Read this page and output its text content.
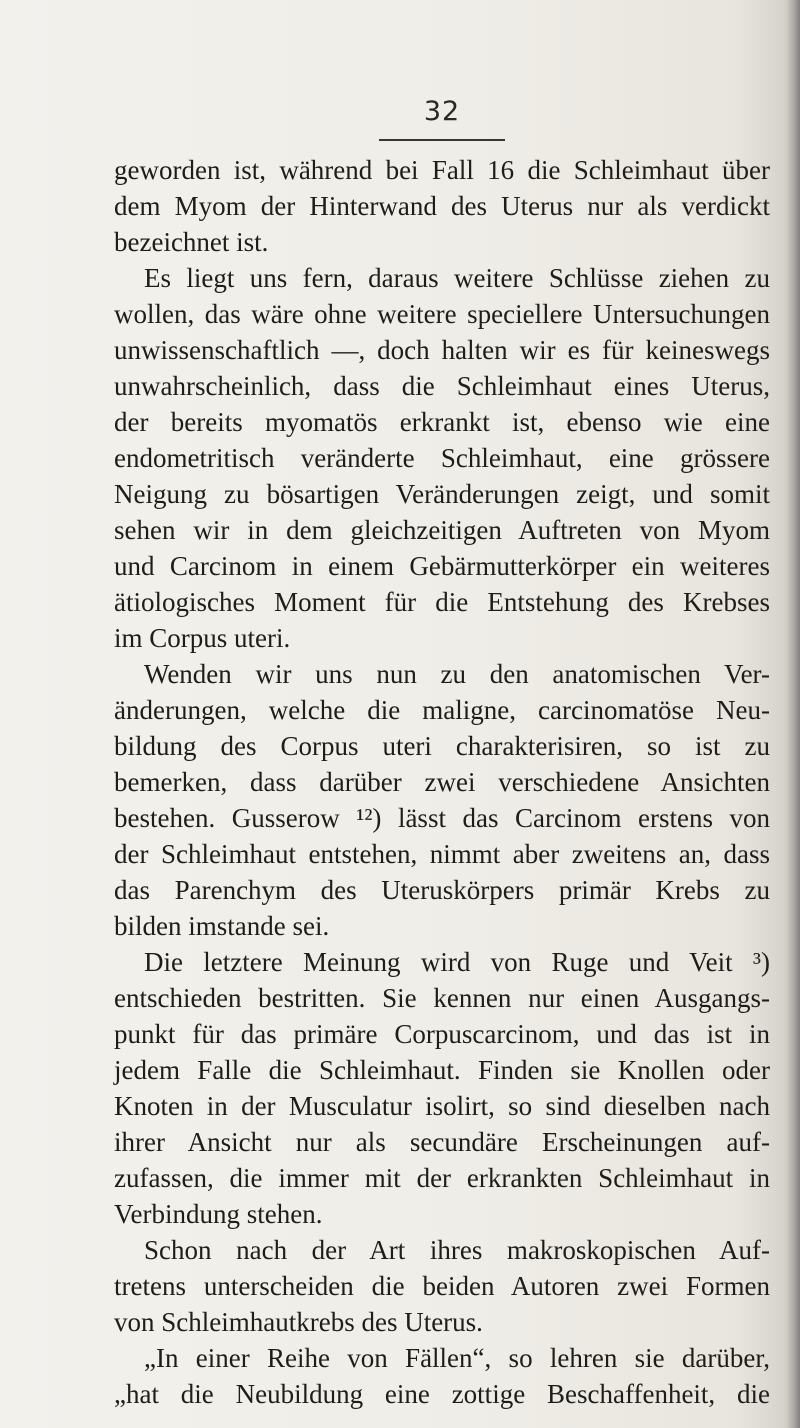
32
geworden ist, während bei Fall 16 die Schleimhaut über
dem Myom der Hinterwand des Uterus nur als verdickt
bezeichnet ist.
Es liegt uns fern, daraus weitere Schlüsse ziehen zu
wollen, das wäre ohne weitere speciellere Untersuchungen
unwissenschaftlich —, doch halten wir es für keineswegs
unwahrscheinlich, dass die Schleimhaut eines Uterus,
der bereits myomatös erkrankt ist, ebenso wie eine
endometritisch veränderte Schleimhaut, eine grössere
Neigung zu bösartigen Veränderungen zeigt, und somit
sehen wir in dem gleichzeitigen Auftreten von Myom
und Carcinom in einem Gebärmutterkörper ein weiteres
ätiologisches Moment für die Entstehung des Krebses
im Corpus uteri.
Wenden wir uns nun zu den anatomischen Ver-
änderungen, welche die maligne, carcinomatöse Neu-
bildung des Corpus uteri charakterisiren, so ist zu
bemerken, dass darüber zwei verschiedene Ansichten
bestehen. Gusserow ¹²) lässt das Carcinom erstens von
der Schleimhaut entstehen, nimmt aber zweitens an, dass
das Parenchym des Uteruskörpers primär Krebs zu
bilden imstande sei.
Die letztere Meinung wird von Ruge und Veit ³)
entschieden bestritten. Sie kennen nur einen Ausgangs-
punkt für das primäre Corpuscarcinom, und das ist in
jedem Falle die Schleimhaut. Finden sie Knollen oder
Knoten in der Musculatur isolirt, so sind dieselben nach
ihrer Ansicht nur als secundäre Erscheinungen auf-
zufassen, die immer mit der erkrankten Schleimhaut in
Verbindung stehen.
Schon nach der Art ihres makroskopischen Auf-
tretens unterscheiden die beiden Autoren zwei Formen
von Schleimhautkrebs des Uterus.
„In einer Reihe von Fällen“, so lehren sie darüber,
„hat die Neubildung eine zottige Beschaffenheit, die
